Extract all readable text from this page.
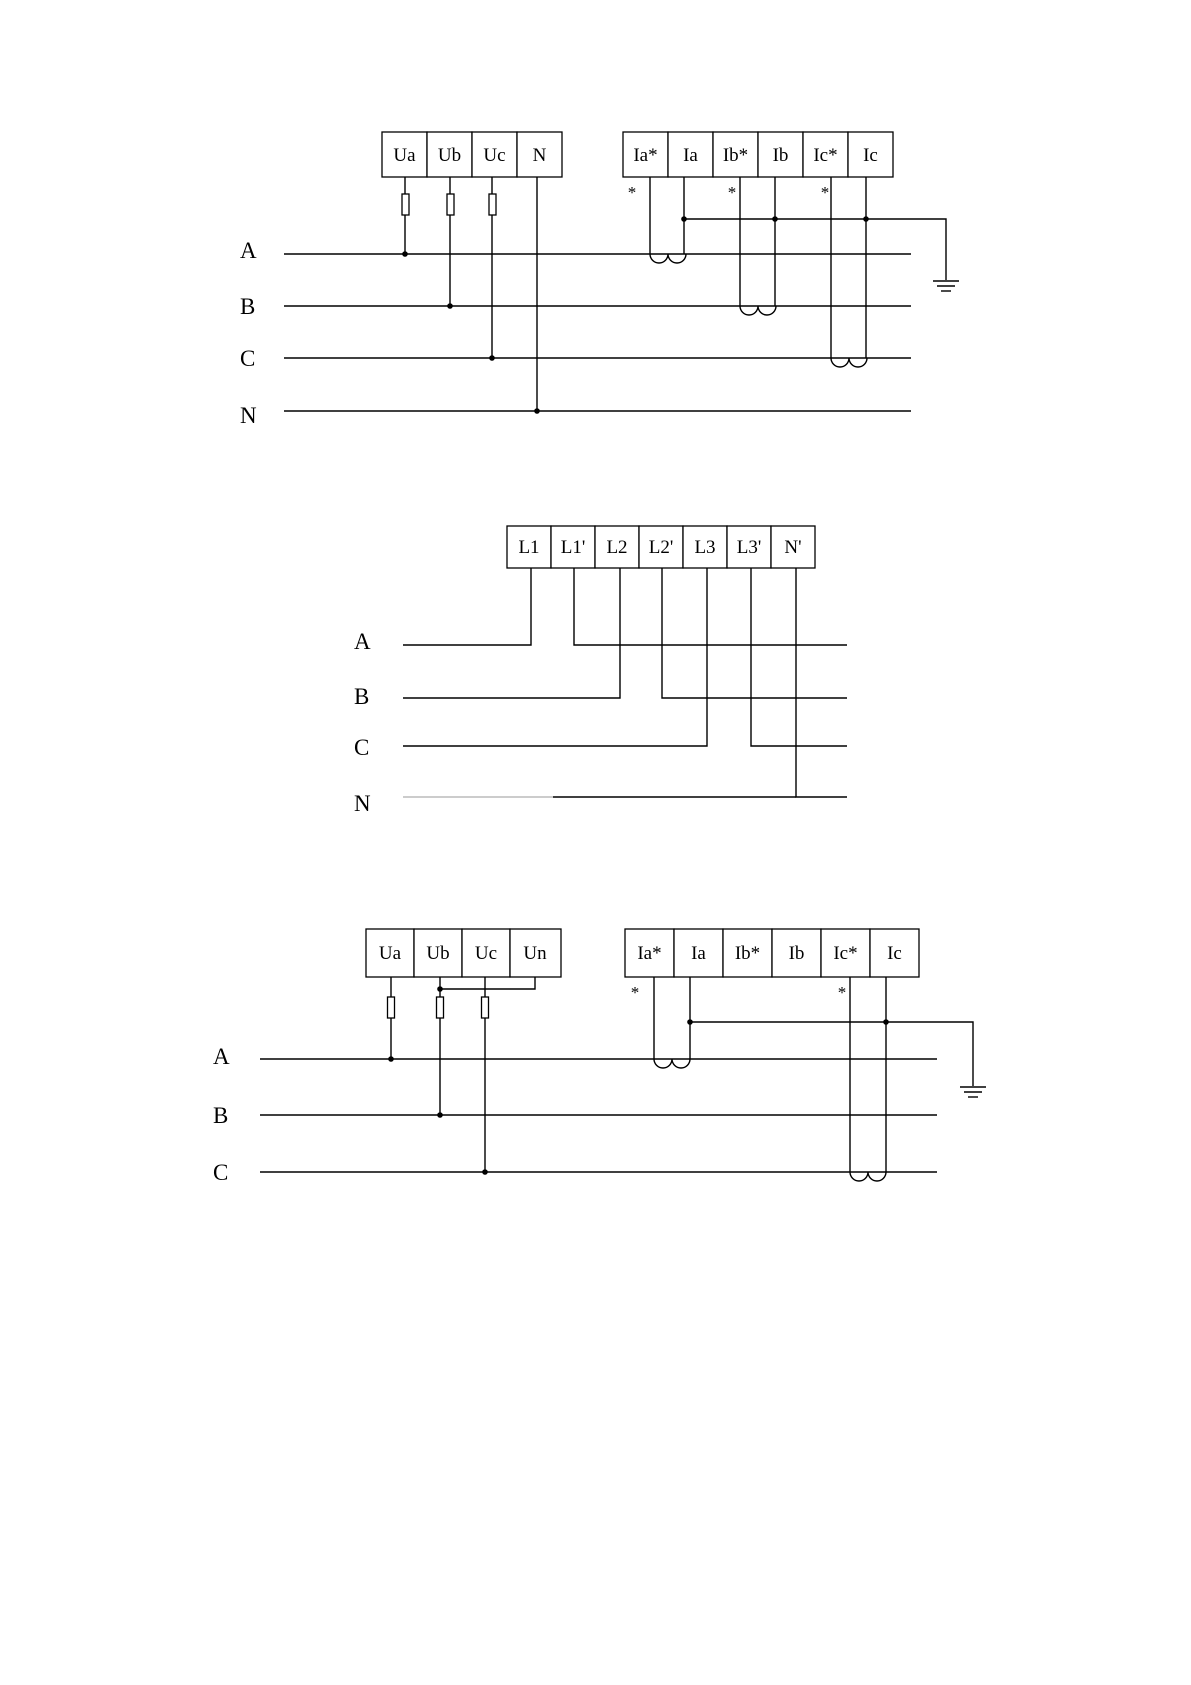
Ua Ub Uc N	Ia* Ia Ib* Ib Ic* Ic
A
B
C
N
*	*	*
L1 L1' L2 L2' L3 L3' N'
A
B
C
N
Ua Ub Uc Un	Ia* Ia Ib* Ib Ic* Ic
A
B
C
*	*
